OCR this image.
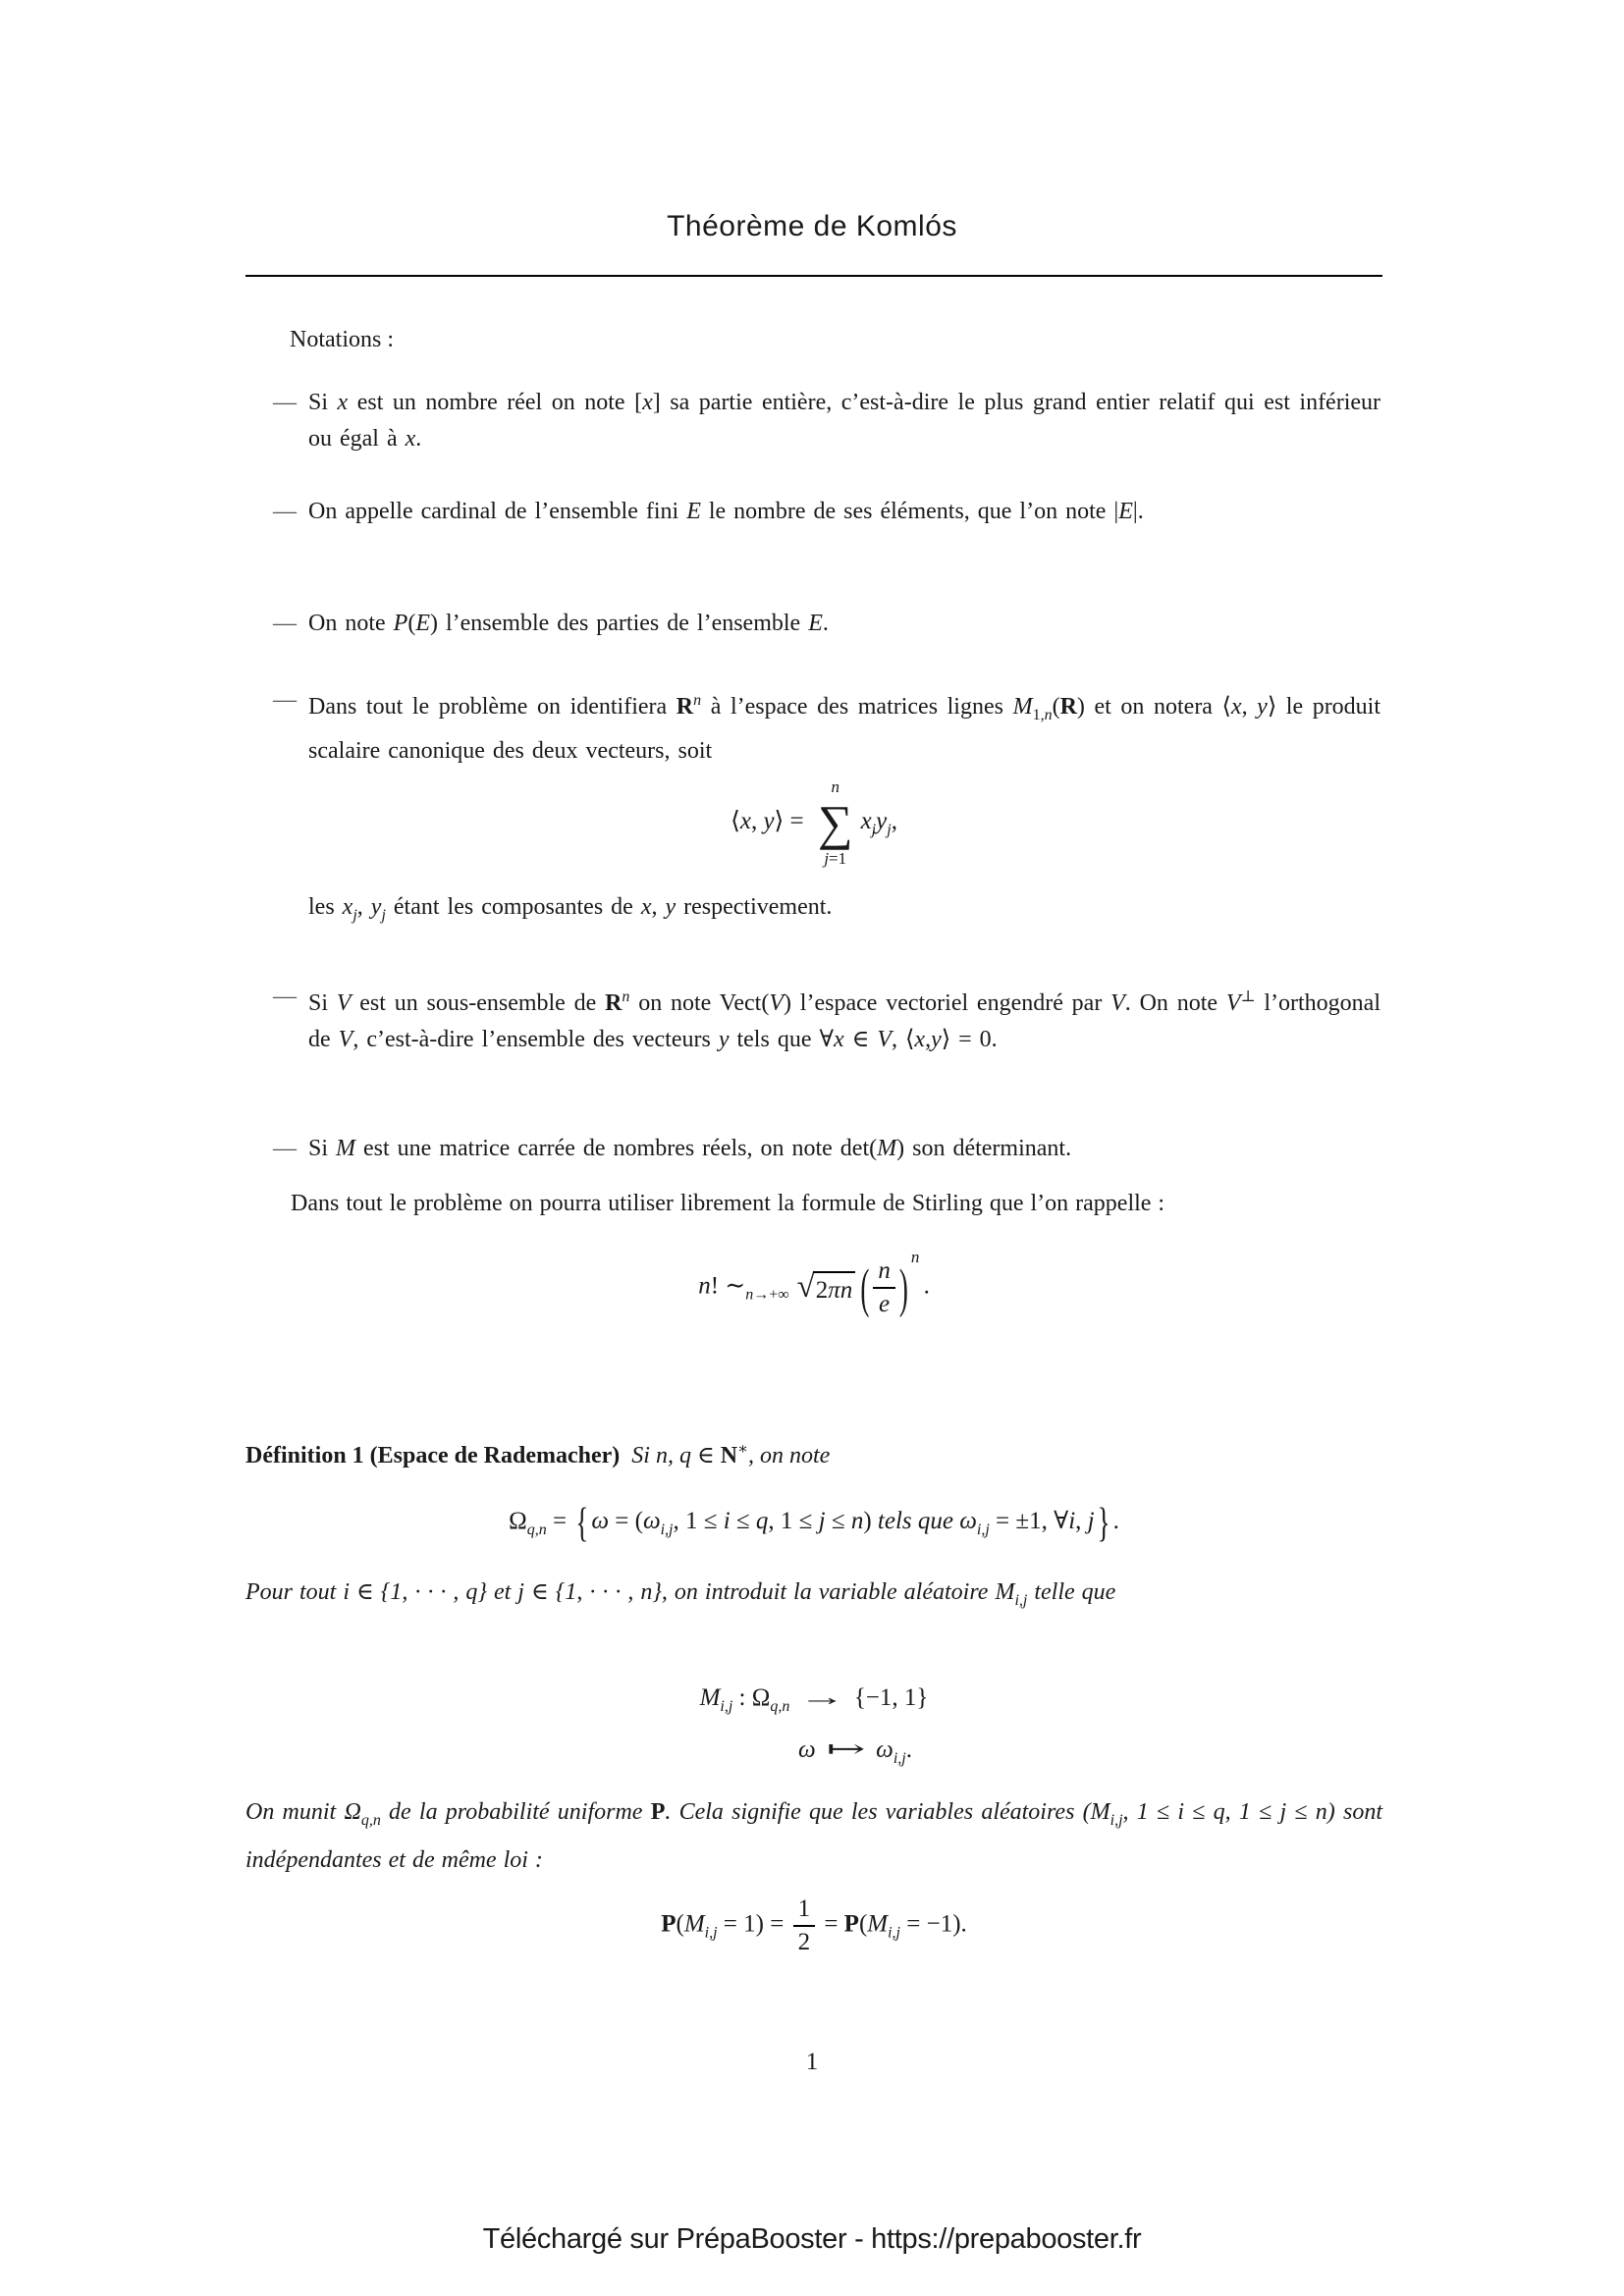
Théorème de Komlós
Notations :
— Si x est un nombre réel on note [x] sa partie entière, c’est-à-dire le plus grand entier relatif qui est inférieur ou égal à x.
— On appelle cardinal de l’ensemble fini E le nombre de ses éléments, que l’on note |E|.
— On note P(E) l’ensemble des parties de l’ensemble E.
— Dans tout le problème on identifiera $R^n$ à l’espace des matrices lignes $M_{1,n}(R)$ et on notera ⟨x, y⟩ le produit scalaire canonique des deux vecteurs, soit
⟨x, y⟩ =
n
∑
j=1
$x_jy_j$,
les $x_j$, $y_j$ étant les composantes de x, y respectivement.
— Si V est un sous-ensemble de $R^n$ on note Vect(V) l’espace vectoriel engendré par V. On note V⊥ l’orthogonal de V, c’est-à-dire l’ensemble des vecteurs y tels que ∀x ∈ V, ⟨x,y⟩ = 0.
— Si M est une matrice carrée de nombres réels, on note det(M) son déterminant.
Dans tout le problème on pourra utiliser librement la formule de Stirling que l’on rappelle :
n! $\sim_{n\to+\infty}$ √ 2πn ( $\frac{n}{e} )^n$ .
Définition 1 (Espace de Rademacher) Si n, q ∈ N∗, on note
$\Omega_{q,n}$ = { $\omega = (\omega_{i,j}$, 1 ≤ i ≤ q, 1 ≤ j ≤ n) tels que $\omega_{i,j} = \pm 1$, ∀i, j } .
Pour tout i ∈ {1, · · · , q} et j ∈ {1, · · · , n}, on introduit la variable aléatoire $M_{i,j}$ telle que
$M_{i,j}$ : $\Omega_{q,n} \to \{-1$, 1}
ω ↦ $\omega_{i,j}$.
On munit $\Omega_{q,n}$ de la probabilité uniforme P. Cela signifie que les variables aléatoires ($M_{i,j}$, 1 ≤ i ≤ q, 1 ≤ j ≤ n) sont indépendantes et de même loi :
$P(M_{i,j} = 1) = \frac{1}{2} = P(M_{i,j} = -1)$.
1
Téléchargé sur PrépaBooster - https://prepabooster.fr
